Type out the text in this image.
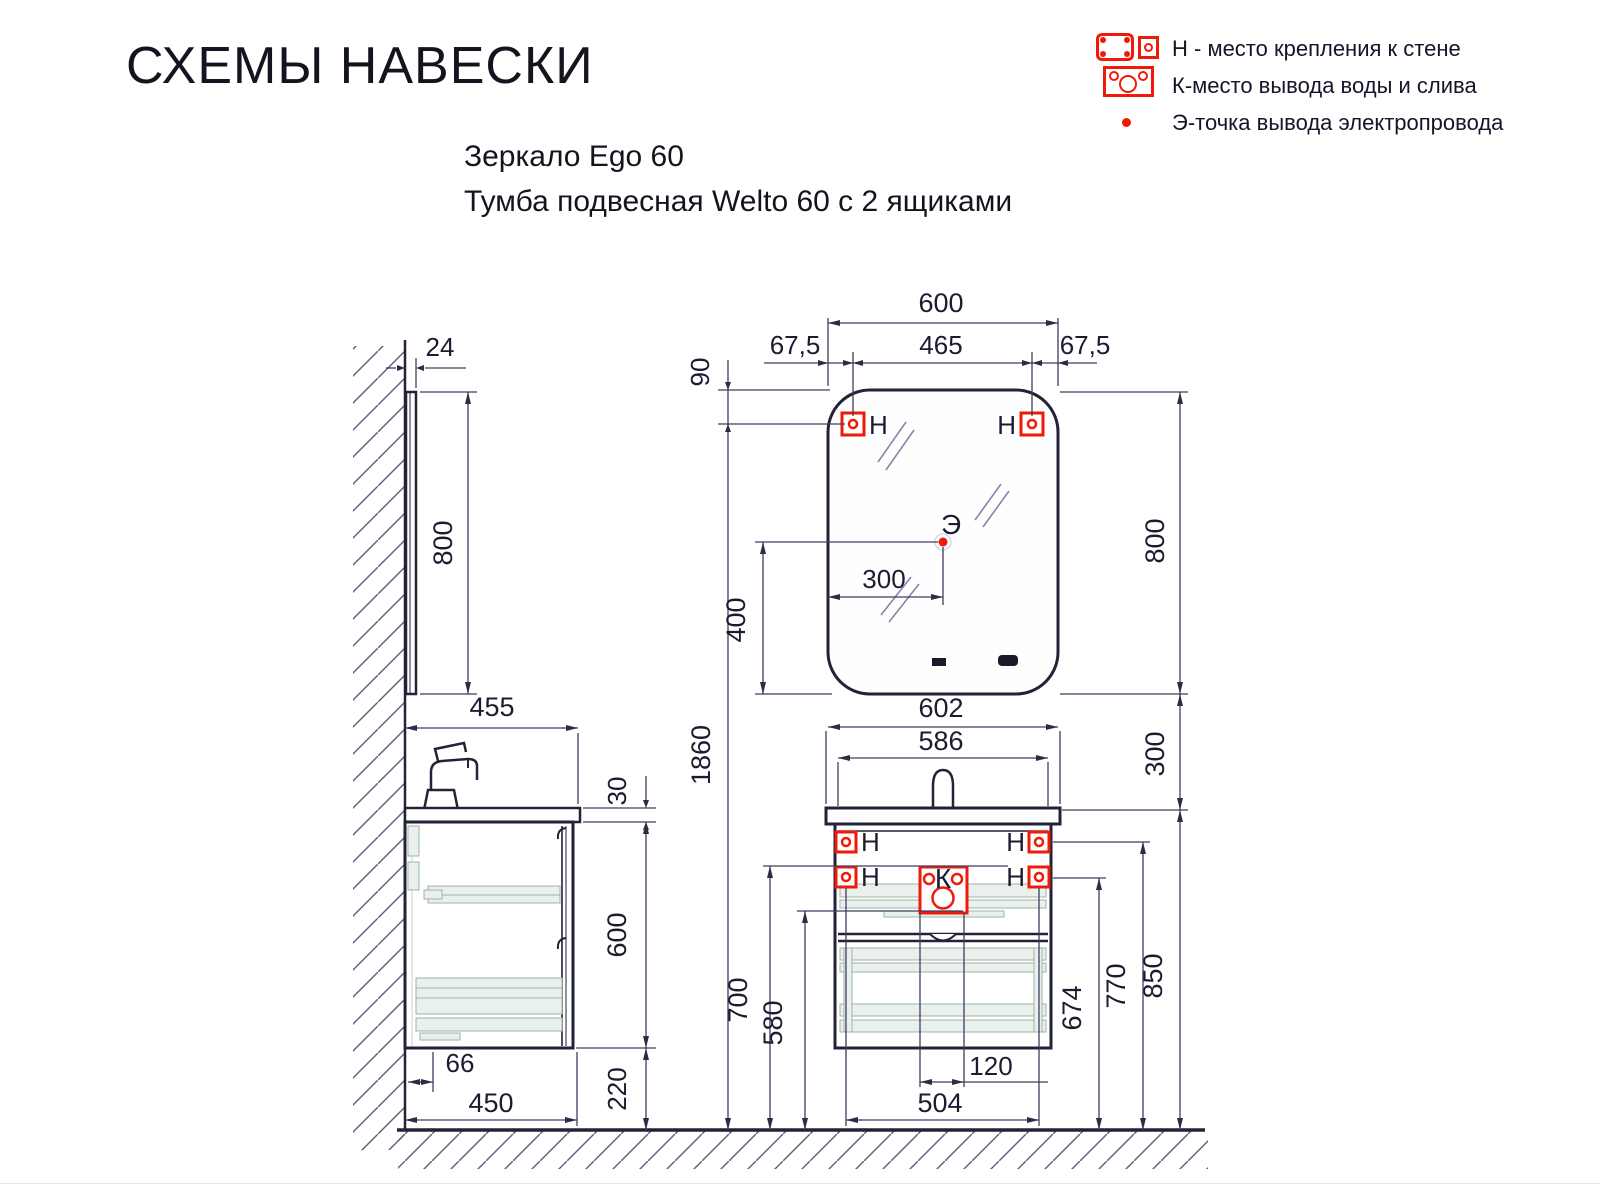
СХЕМЫ НАВЕСКИ
Зеркало Ego 60
Тумба подвесная Welto 60 с 2 ящиками
Н - место крепления к стене
К-место вывода воды и слива
Э-точка вывода электропровода
24
800
455
30
600
220
66
450
Н	Н
Э
Н	Н
Н	Н
К
600
67,5	465	67,5
90
1860
300
400
800
300
602
586
700
580	674 770 850
120
504
